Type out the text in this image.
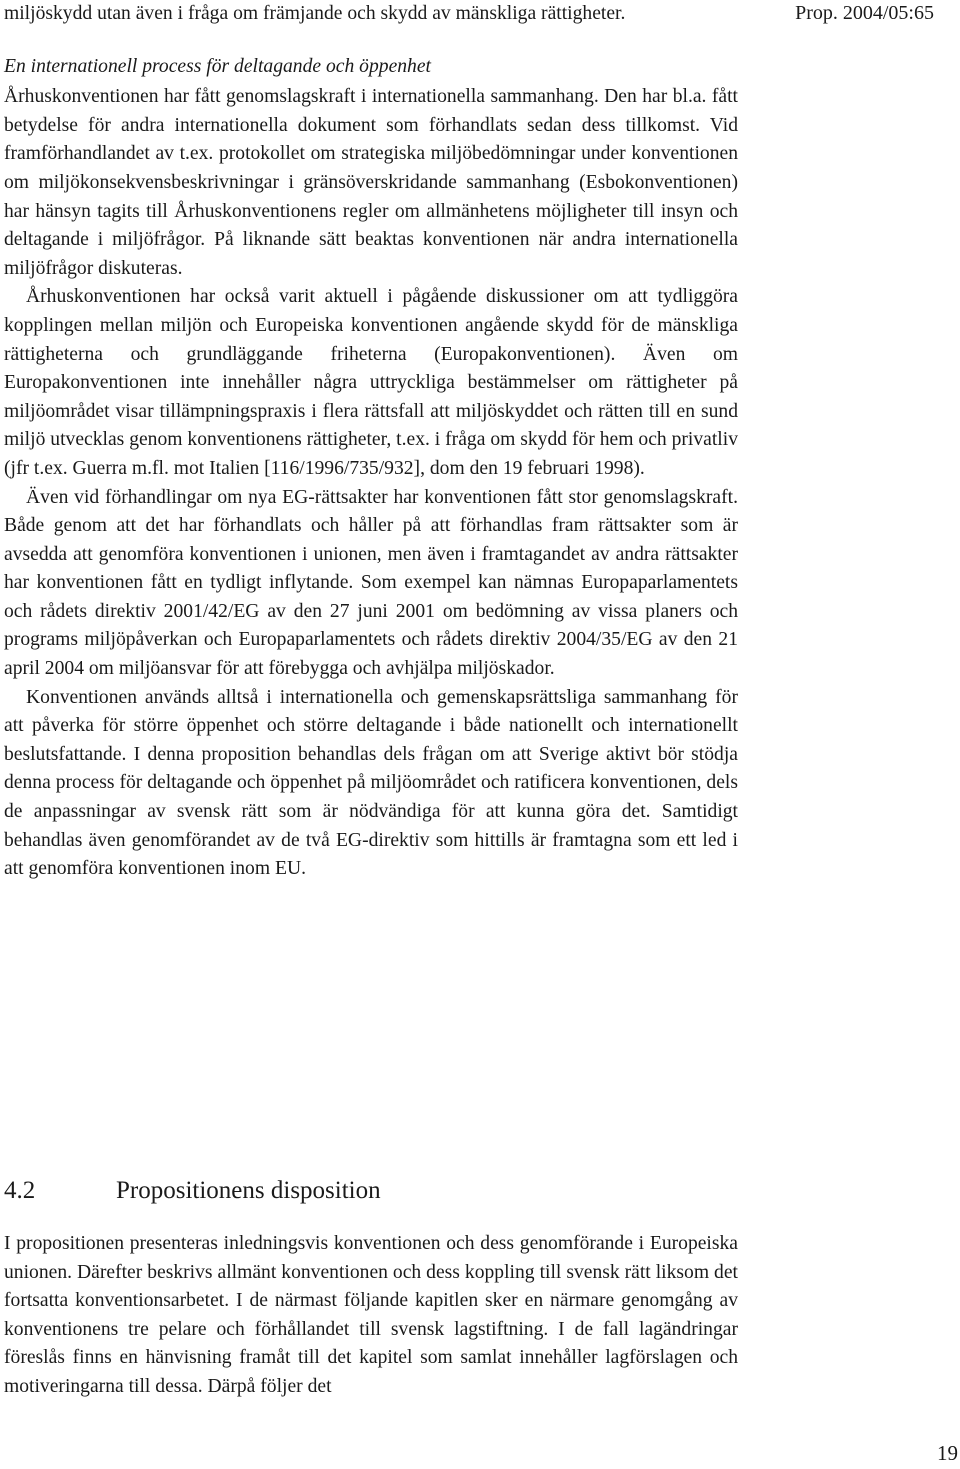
Prop. 2004/05:65

miljöskydd utan även i fråga om främjande och skydd av mänskliga rättigheter.

En internationell process för deltagande och öppenhet

Århuskonventionen har fått genomslagskraft i internationella sammanhang. Den har bl.a. fått betydelse för andra internationella dokument som förhandlats sedan dess tillkomst. Vid framförhandlandet av t.ex. protokollet om strategiska miljöbedömningar under konventionen om miljökonsekvensbeskrivningar i gränsöverskridande sammanhang (Esbokonventionen) har hänsyn tagits till Århuskonventionens regler om allmänhetens möjligheter till insyn och deltagande i miljöfrågor. På liknande sätt beaktas konventionen när andra internationella miljöfrågor diskuteras.

Århuskonventionen har också varit aktuell i pågående diskussioner om att tydliggöra kopplingen mellan miljön och Europeiska konventionen angående skydd för de mänskliga rättigheterna och grundläggande friheterna (Europakonventionen). Även om Europakonventionen inte innehåller några uttryckliga bestämmelser om rättigheter på miljöområdet visar tillämpningspraxis i flera rättsfall att miljöskyddet och rätten till en sund miljö utvecklas genom konventionens rättigheter, t.ex. i fråga om skydd för hem och privatliv (jfr t.ex. Guerra m.fl. mot Italien [116/1996/735/932], dom den 19 februari 1998).

Även vid förhandlingar om nya EG-rättsakter har konventionen fått stor genomslagskraft. Både genom att det har förhandlats och håller på att förhandlas fram rättsakter som är avsedda att genomföra konventionen i unionen, men även i framtagandet av andra rättsakter har konventionen fått en tydligt inflytande. Som exempel kan nämnas Europaparlamentets och rådets direktiv 2001/42/EG av den 27 juni 2001 om bedömning av vissa planers och programs miljöpåverkan och Europaparlamentets och rådets direktiv 2004/35/EG av den 21 april 2004 om miljöansvar för att förebygga och avhjälpa miljöskador.

Konventionen används alltså i internationella och gemenskapsrättsliga sammanhang för att påverka för större öppenhet och större deltagande i både nationellt och internationellt beslutsfattande. I denna proposition behandlas dels frågan om att Sverige aktivt bör stödja denna process för deltagande och öppenhet på miljöområdet och ratificera konventionen, dels de anpassningar av svensk rätt som är nödvändiga för att kunna göra det. Samtidigt behandlas även genomförandet av de två EG-direktiv som hittills är framtagna som ett led i att genomföra konventionen inom EU.

4.2	Propositionens disposition
I propositionen presenteras inledningsvis konventionen och dess genomförande i Europeiska unionen. Därefter beskrivs allmänt konventionen och dess koppling till svensk rätt liksom det fortsatta konventionsarbetet. I de närmast följande kapitlen sker en närmare genomgång av konventionens tre pelare och förhållandet till svensk lagstiftning. I de fall lagändringar föreslås finns en hänvisning framåt till det kapitel som samlat innehåller lagförslagen och motiveringarna till dessa. Därpå följer det
19
